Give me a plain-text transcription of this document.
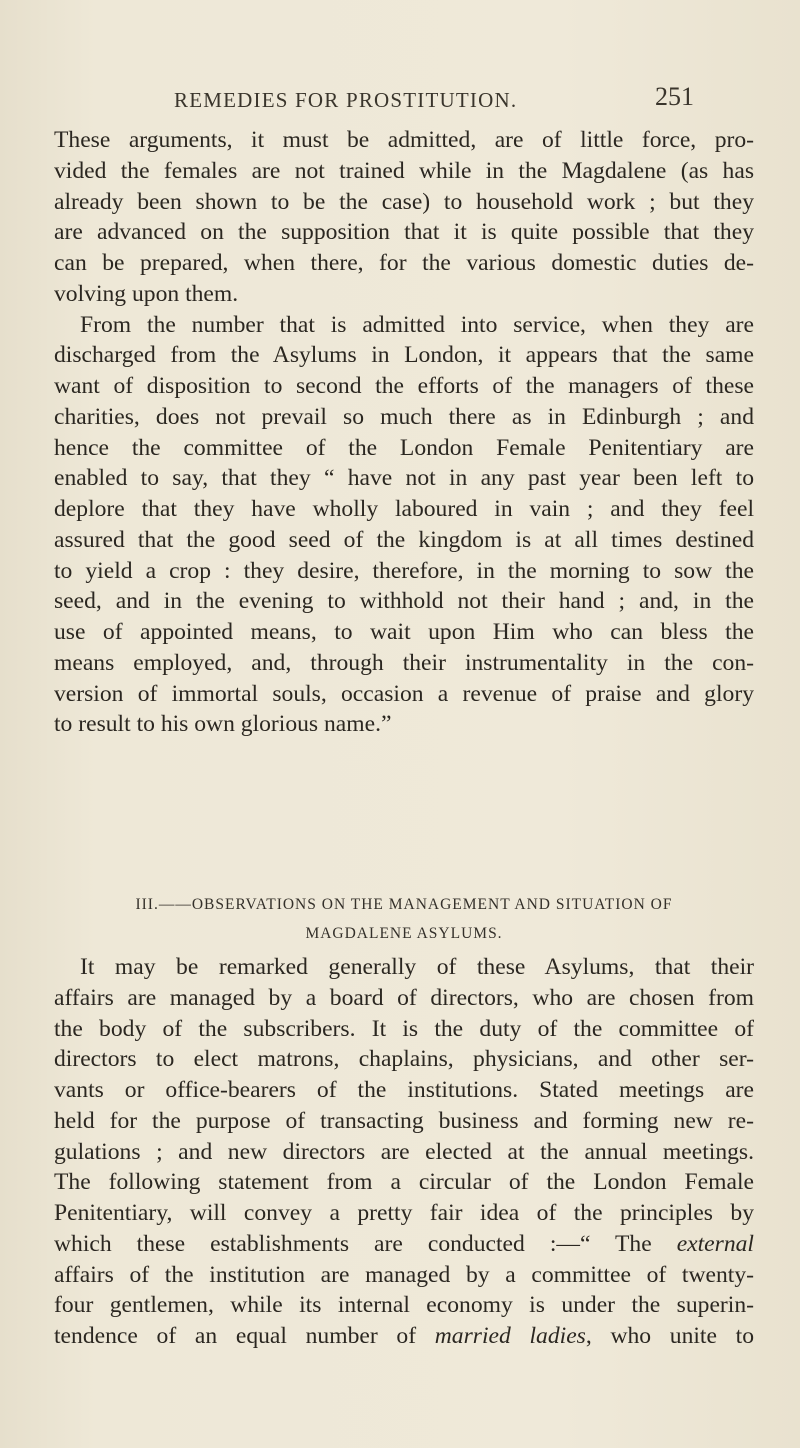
REMEDIES FOR PROSTITUTION.	251
These arguments, it must be admitted, are of little force, pro-
vided the females are not trained while in the Magdalene (as has
already been shown to be the case) to household work ; but they
are advanced on the supposition that it is quite possible that they
can be prepared, when there, for the various domestic duties de-
volving upon them.
From the number that is admitted into service, when they are
discharged from the Asylums in London, it appears that the same
want of disposition to second the efforts of the managers of these
charities, does not prevail so much there as in Edinburgh ; and
hence the committee of the London Female Penitentiary are
enabled to say, that they “ have not in any past year been left to
deplore that they have wholly laboured in vain ; and they feel
assured that the good seed of the kingdom is at all times destined
to yield a crop : they desire, therefore, in the morning to sow the
seed, and in the evening to withhold not their hand ; and, in the
use of appointed means, to wait upon Him who can bless the
means employed, and, through their instrumentality in the con-
version of immortal souls, occasion a revenue of praise and glory
to result to his own glorious name.”
III.——OBSERVATIONS ON THE MANAGEMENT AND SITUATION OF
MAGDALENE ASYLUMS.
It may be remarked generally of these Asylums, that their
affairs are managed by a board of directors, who are chosen from
the body of the subscribers. It is the duty of the committee of
directors to elect matrons, chaplains, physicians, and other ser-
vants or office-bearers of the institutions. Stated meetings are
held for the purpose of transacting business and forming new re-
gulations ; and new directors are elected at the annual meetings.
The following statement from a circular of the London Female
Penitentiary, will convey a pretty fair idea of the principles by
which these establishments are conducted :—“ The external
affairs of the institution are managed by a committee of twenty-
four gentlemen, while its internal economy is under the superin-
tendence of an equal number of married ladies, who unite to
